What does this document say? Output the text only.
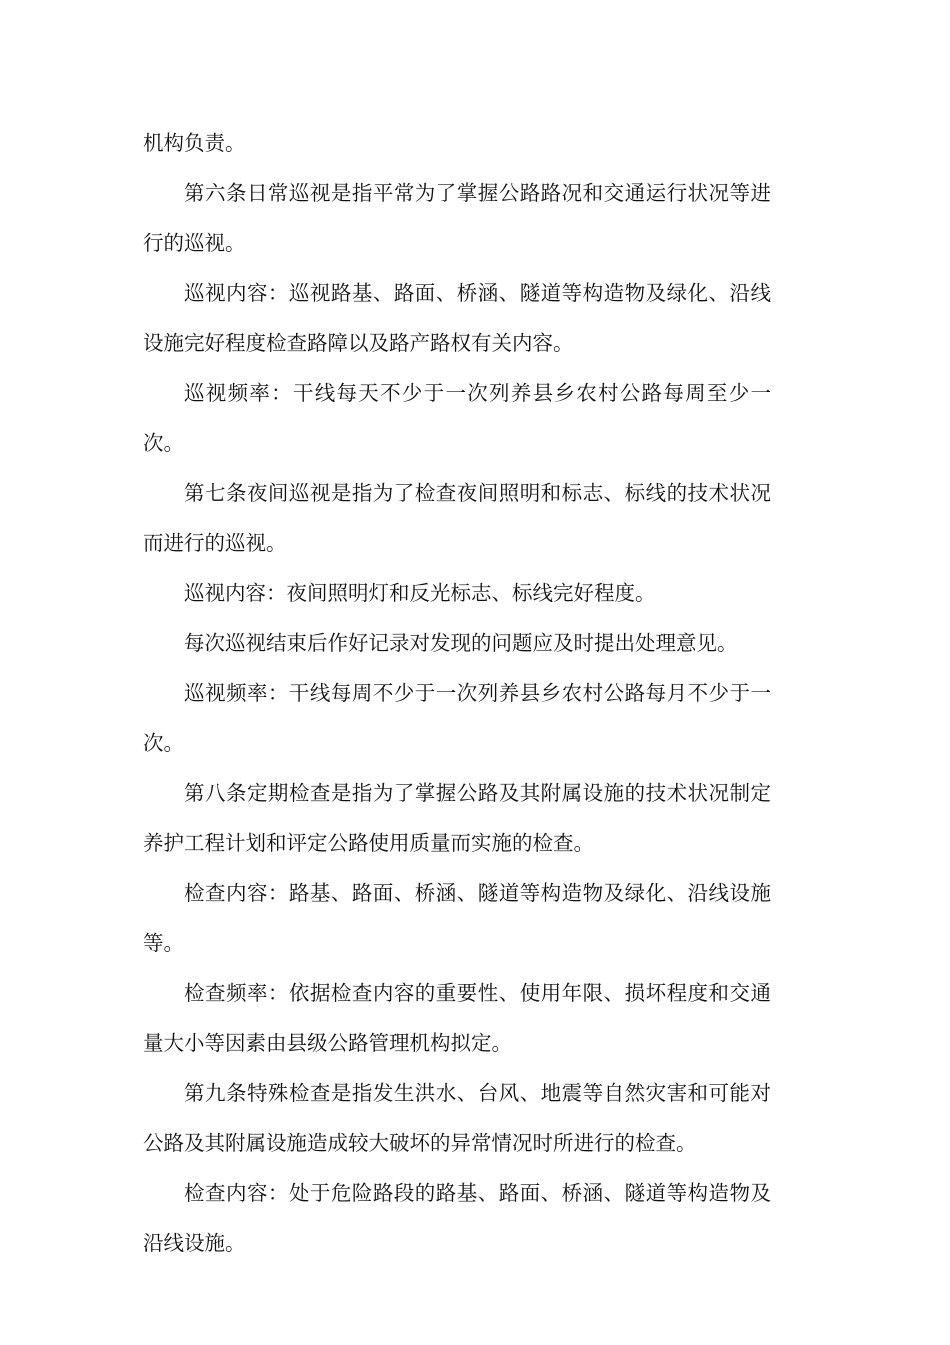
机构负责。

第六条日常巡视是指平常为了掌握公路路况和交通运行状况等进行的巡视。

巡视内容：巡视路基、路面、桥涵、隧道等构造物及绿化、沿线设施完好程度检查路障以及路产路权有关内容。

巡视频率：干线每天不少于一次列养县乡农村公路每周至少一次。

第七条夜间巡视是指为了检查夜间照明和标志、标线的技术状况而进行的巡视。

巡视内容：夜间照明灯和反光标志、标线完好程度。

每次巡视结束后作好记录对发现的问题应及时提出处理意见。

巡视频率：干线每周不少于一次列养县乡农村公路每月不少于一次。

第八条定期检查是指为了掌握公路及其附属设施的技术状况制定养护工程计划和评定公路使用质量而实施的检查。

检查内容：路基、路面、桥涵、隧道等构造物及绿化、沿线设施等。

检查频率：依据检查内容的重要性、使用年限、损坏程度和交通量大小等因素由县级公路管理机构拟定。

第九条特殊检查是指发生洪水、台风、地震等自然灾害和可能对公路及其附属设施造成较大破坏的异常情况时所进行的检查。

检查内容：处于危险路段的路基、路面、桥涵、隧道等构造物及沿线设施。
